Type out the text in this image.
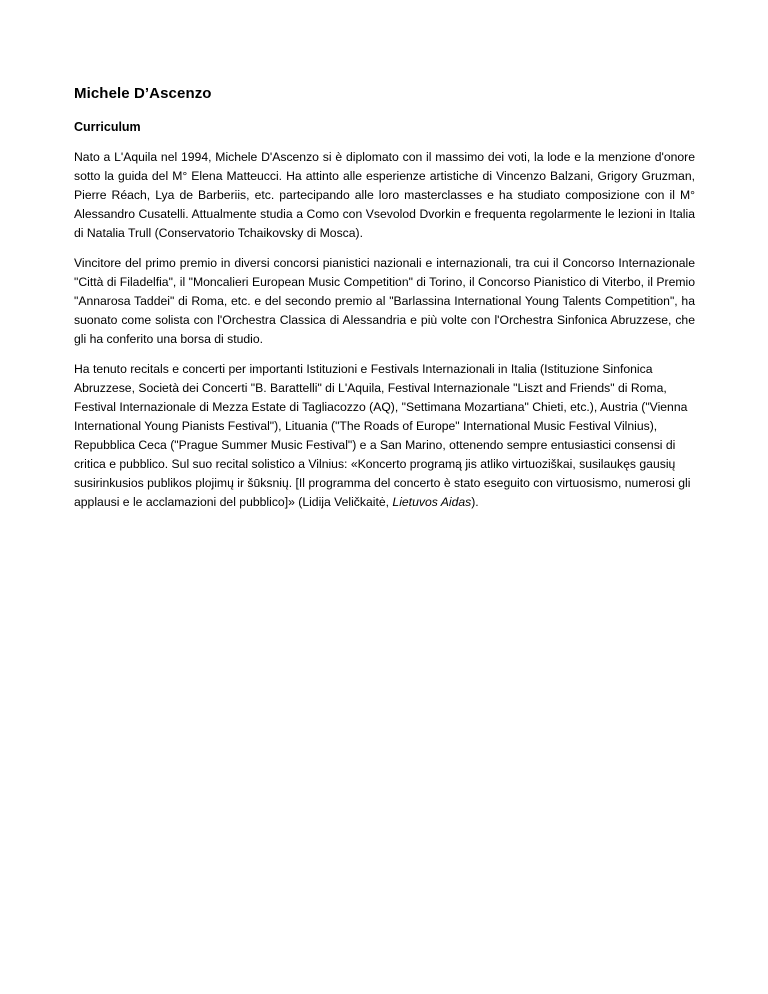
Michele D’Ascenzo
Curriculum

Nato a L'Aquila nel 1994, Michele D'Ascenzo si è diplomato con il massimo dei voti, la lode e la menzione d'onore sotto la guida del M° Elena Matteucci. Ha attinto alle esperienze artistiche di Vincenzo Balzani, Grigory Gruzman, Pierre Réach, Lya de Barberiis, etc. partecipando alle loro masterclasses e ha studiato composizione con il M° Alessandro Cusatelli. Attualmente studia a Como con Vsevolod Dvorkin e frequenta regolarmente le lezioni in Italia di Natalia Trull (Conservatorio Tchaikovsky di Mosca).

Vincitore del primo premio in diversi concorsi pianistici nazionali e internazionali, tra cui il Concorso Internazionale "Città di Filadelfia", il "Moncalieri European Music Competition" di Torino, il Concorso Pianistico di Viterbo, il Premio "Annarosa Taddei" di Roma, etc. e del secondo premio al "Barlassina International Young Talents Competition", ha suonato come solista con l'Orchestra Classica di Alessandria e più volte con l'Orchestra Sinfonica Abruzzese, che gli ha conferito una borsa di studio.

Ha tenuto recitals e concerti per importanti Istituzioni e Festivals Internazionali in Italia (Istituzione Sinfonica Abruzzese, Società dei Concerti "B. Barattelli" di L'Aquila, Festival Internazionale "Liszt and Friends" di Roma, Festival Internazionale di Mezza Estate di Tagliacozzo (AQ), "Settimana Mozartiana" Chieti, etc.), Austria ("Vienna International Young Pianists Festival"), Lituania ("The Roads of Europe" International Music Festival Vilnius), Repubblica Ceca ("Prague Summer Music Festival") e a San Marino, ottenendo sempre entusiastici consensi di critica e pubblico. Sul suo recital solistico a Vilnius: «Koncerto programą jis atliko virtuoziškai, susilaukęs gausių susirinkusios publikos plojimų ir šūksnių. [Il programma del concerto è stato eseguito con virtuosismo, numerosi gli applausi e le acclamazioni del pubblico]» (Lidija Veličkaitė, Lietuvos Aidas).
